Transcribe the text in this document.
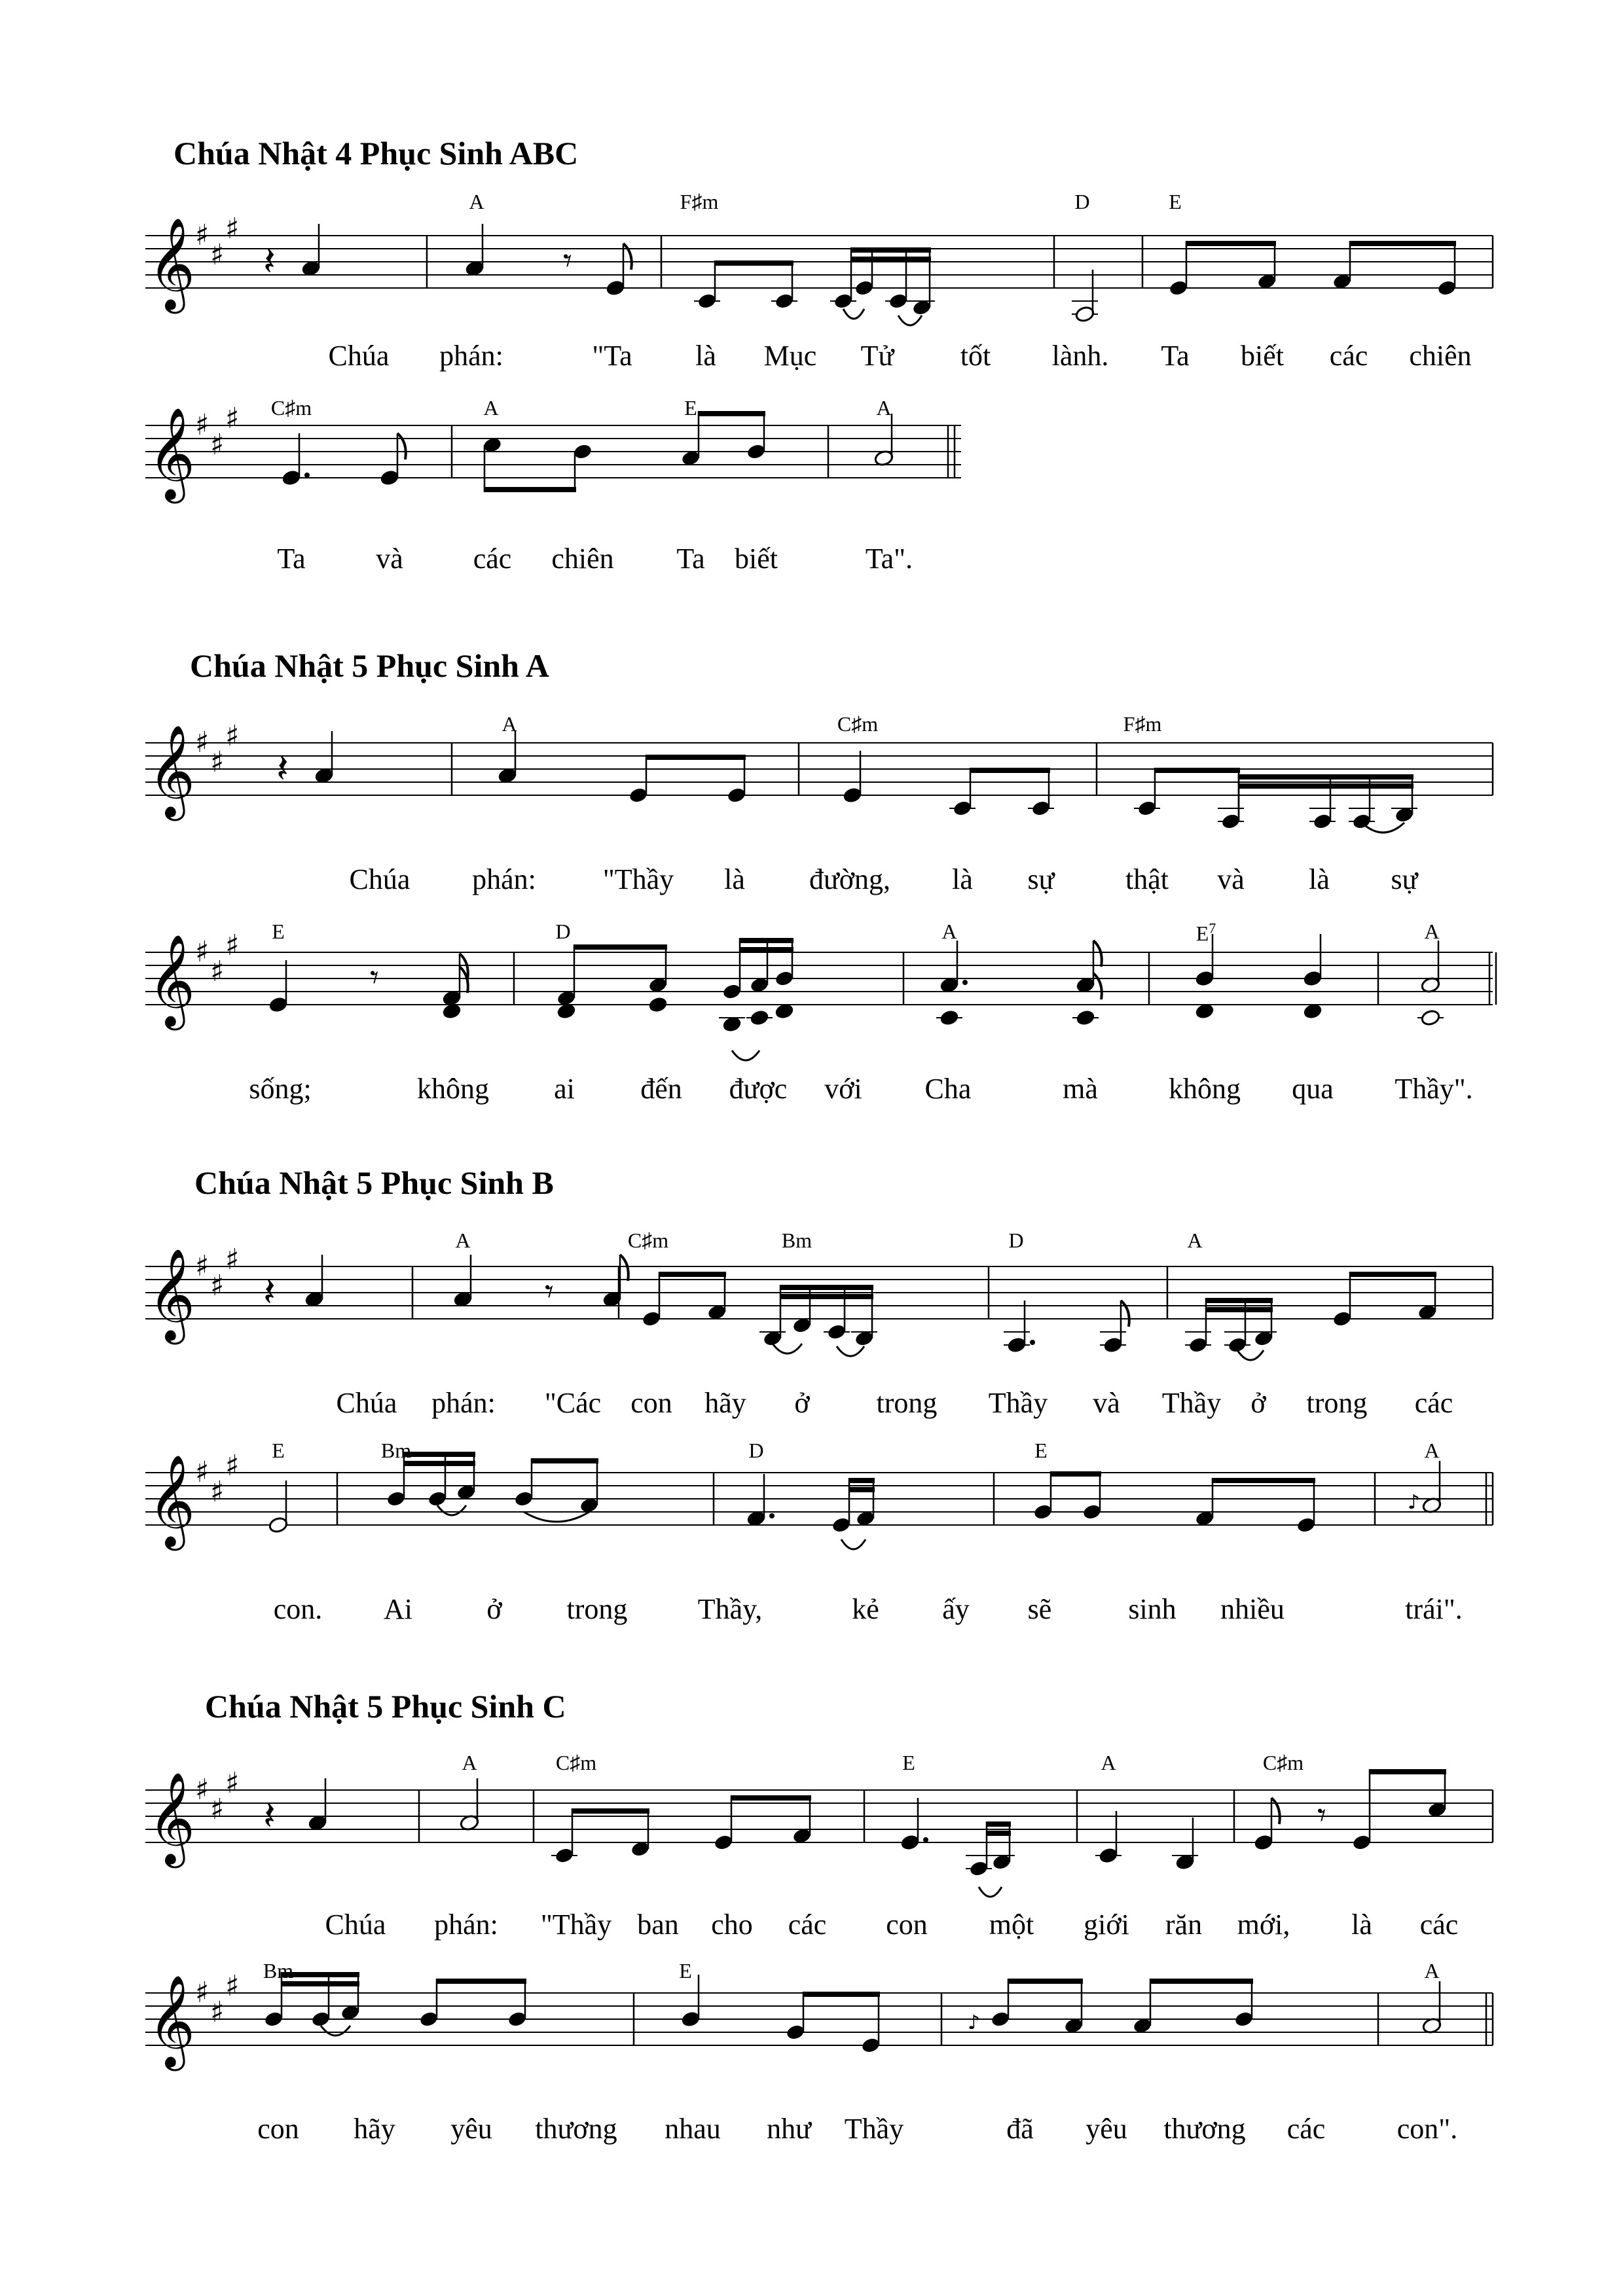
𝄞 ♯
♯
♯
𝄽	𝄾
𝄞 ♯
♯
♯
𝄞 ♯
♯
♯
𝄽
𝄞 ♯
♯
♯
𝄾
𝄞 ♯
♯
♯
𝄽	𝄾
𝄞 ♯
♯
♯
♪
𝄞 ♯
♯
♯
𝄽	𝄾
𝄞 ♯
♯
♯
♪
Chúa Nhật 4 Phục Sinh ABC
A	F♯m	D	E
Chúa phán:	"Ta là Mục Tử tốt lành. Ta biết các chiên
C♯m	A	E	A
Ta và các chiên Ta biết	Ta".
Chúa Nhật 5 Phục Sinh A
A	C♯m	F♯m
Chúa phán: "Thầy là đường, là sự thật và là sự
E	D	A	$E^7$	A
sống;	không ai đến được với Cha	mà không qua Thầy".
Chúa Nhật 5 Phục Sinh B
A	C♯m	Bm	D	A
Chúa phán: "Các con hãy ở trong Thầy và Thầy ở trong các
E	Bm	D	E	A
con. Ai	ở trong Thầy,	kẻ ấy sẽ	sinh nhiều	trái".
Chúa Nhật 5 Phục Sinh C
A	C♯m	E	A	C♯m
Chúa phán: "Thầy ban cho các con một giới răn mới, là các
Bm	E	A
con hãy yêu thương nhau như Thầy	đã yêu thương các con".
